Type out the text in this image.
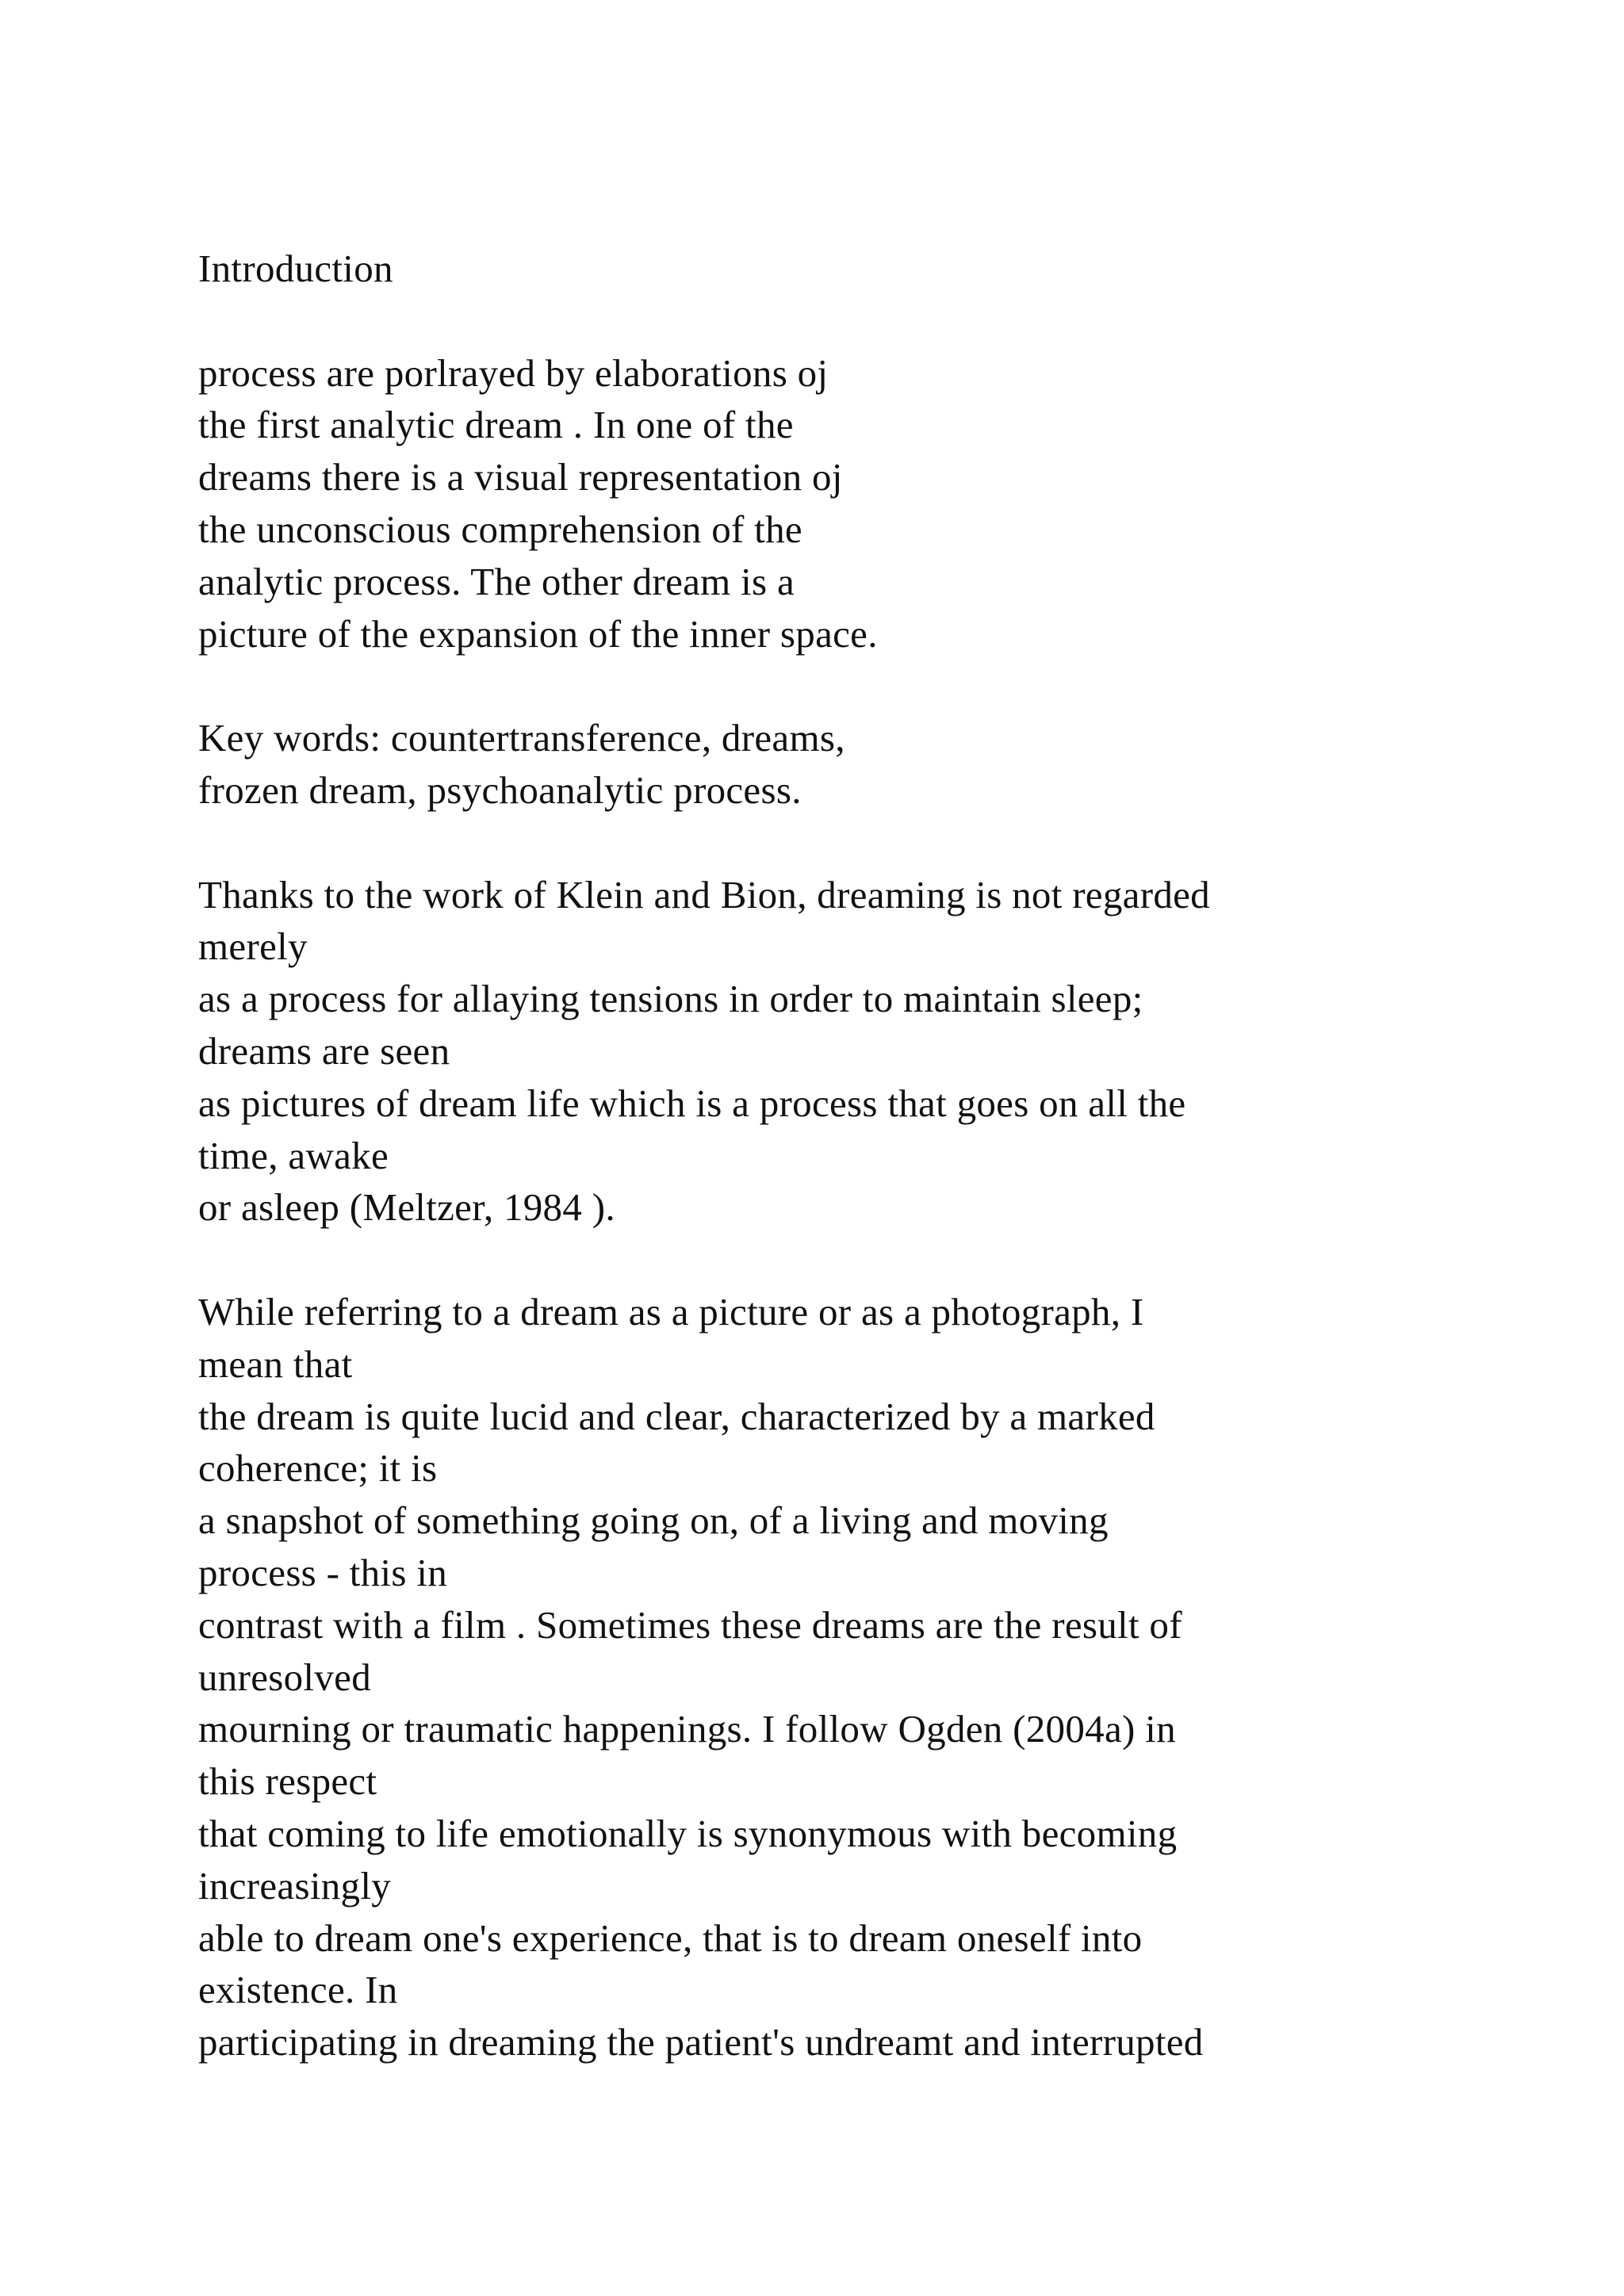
Introduction
process are porlrayed by elaborations oj
the first analytic dream . In one of the
dreams there is a visual representation oj
the unconscious comprehension of the
analytic process. The other dream is a
picture of the expansion of the inner space.
Key words: countertransference, dreams,
frozen dream, psychoanalytic process.
Thanks to the work of Klein and Bion, dreaming is not regarded
merely
as a process for allaying tensions in order to maintain sleep;
dreams are seen
as pictures of dream life which is a process that goes on all the
time, awake
or asleep (Meltzer, 1984 ).
While referring to a dream as a picture or as a photograph, I
mean that
the dream is quite lucid and clear, characterized by a marked
coherence; it is
a snapshot of something going on, of a living and moving
process - this in
contrast with a film . Sometimes these dreams are the result of
unresolved
mourning or traumatic happenings. I follow Ogden (2004a) in
this respect
that coming to life emotionally is synonymous with becoming
increasingly
able to dream one's experience, that is to dream oneself into
existence. In
participating in dreaming the patient's undreamt and interrupted
